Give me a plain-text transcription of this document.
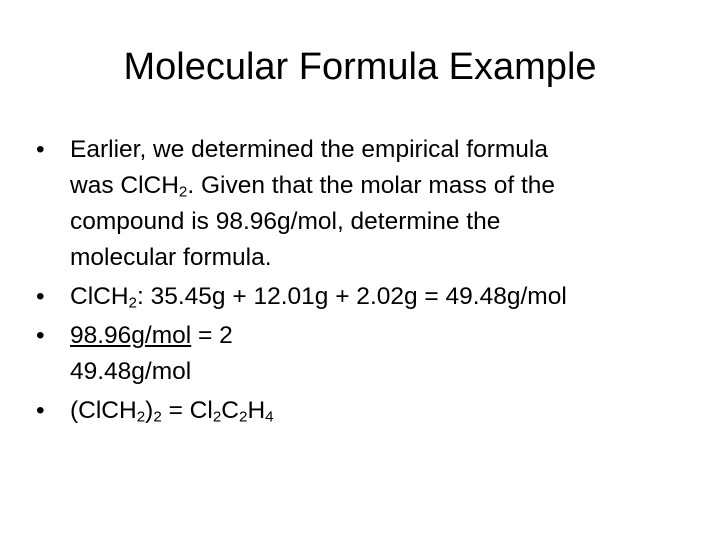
Molecular Formula Example
• Earlier, we determined the empirical formula
was ClCH$_2$. Given that the molar mass of the
compound is 98.96g/mol, determine the
molecular formula.
• ClCH$_2$: 35.45g + 12.01g + 2.02g = 49.48g/mol
• 98.96g/mol = 2
49.48g/mol
• $(ClCH_2)_2 = Cl_2C_2H_4$
